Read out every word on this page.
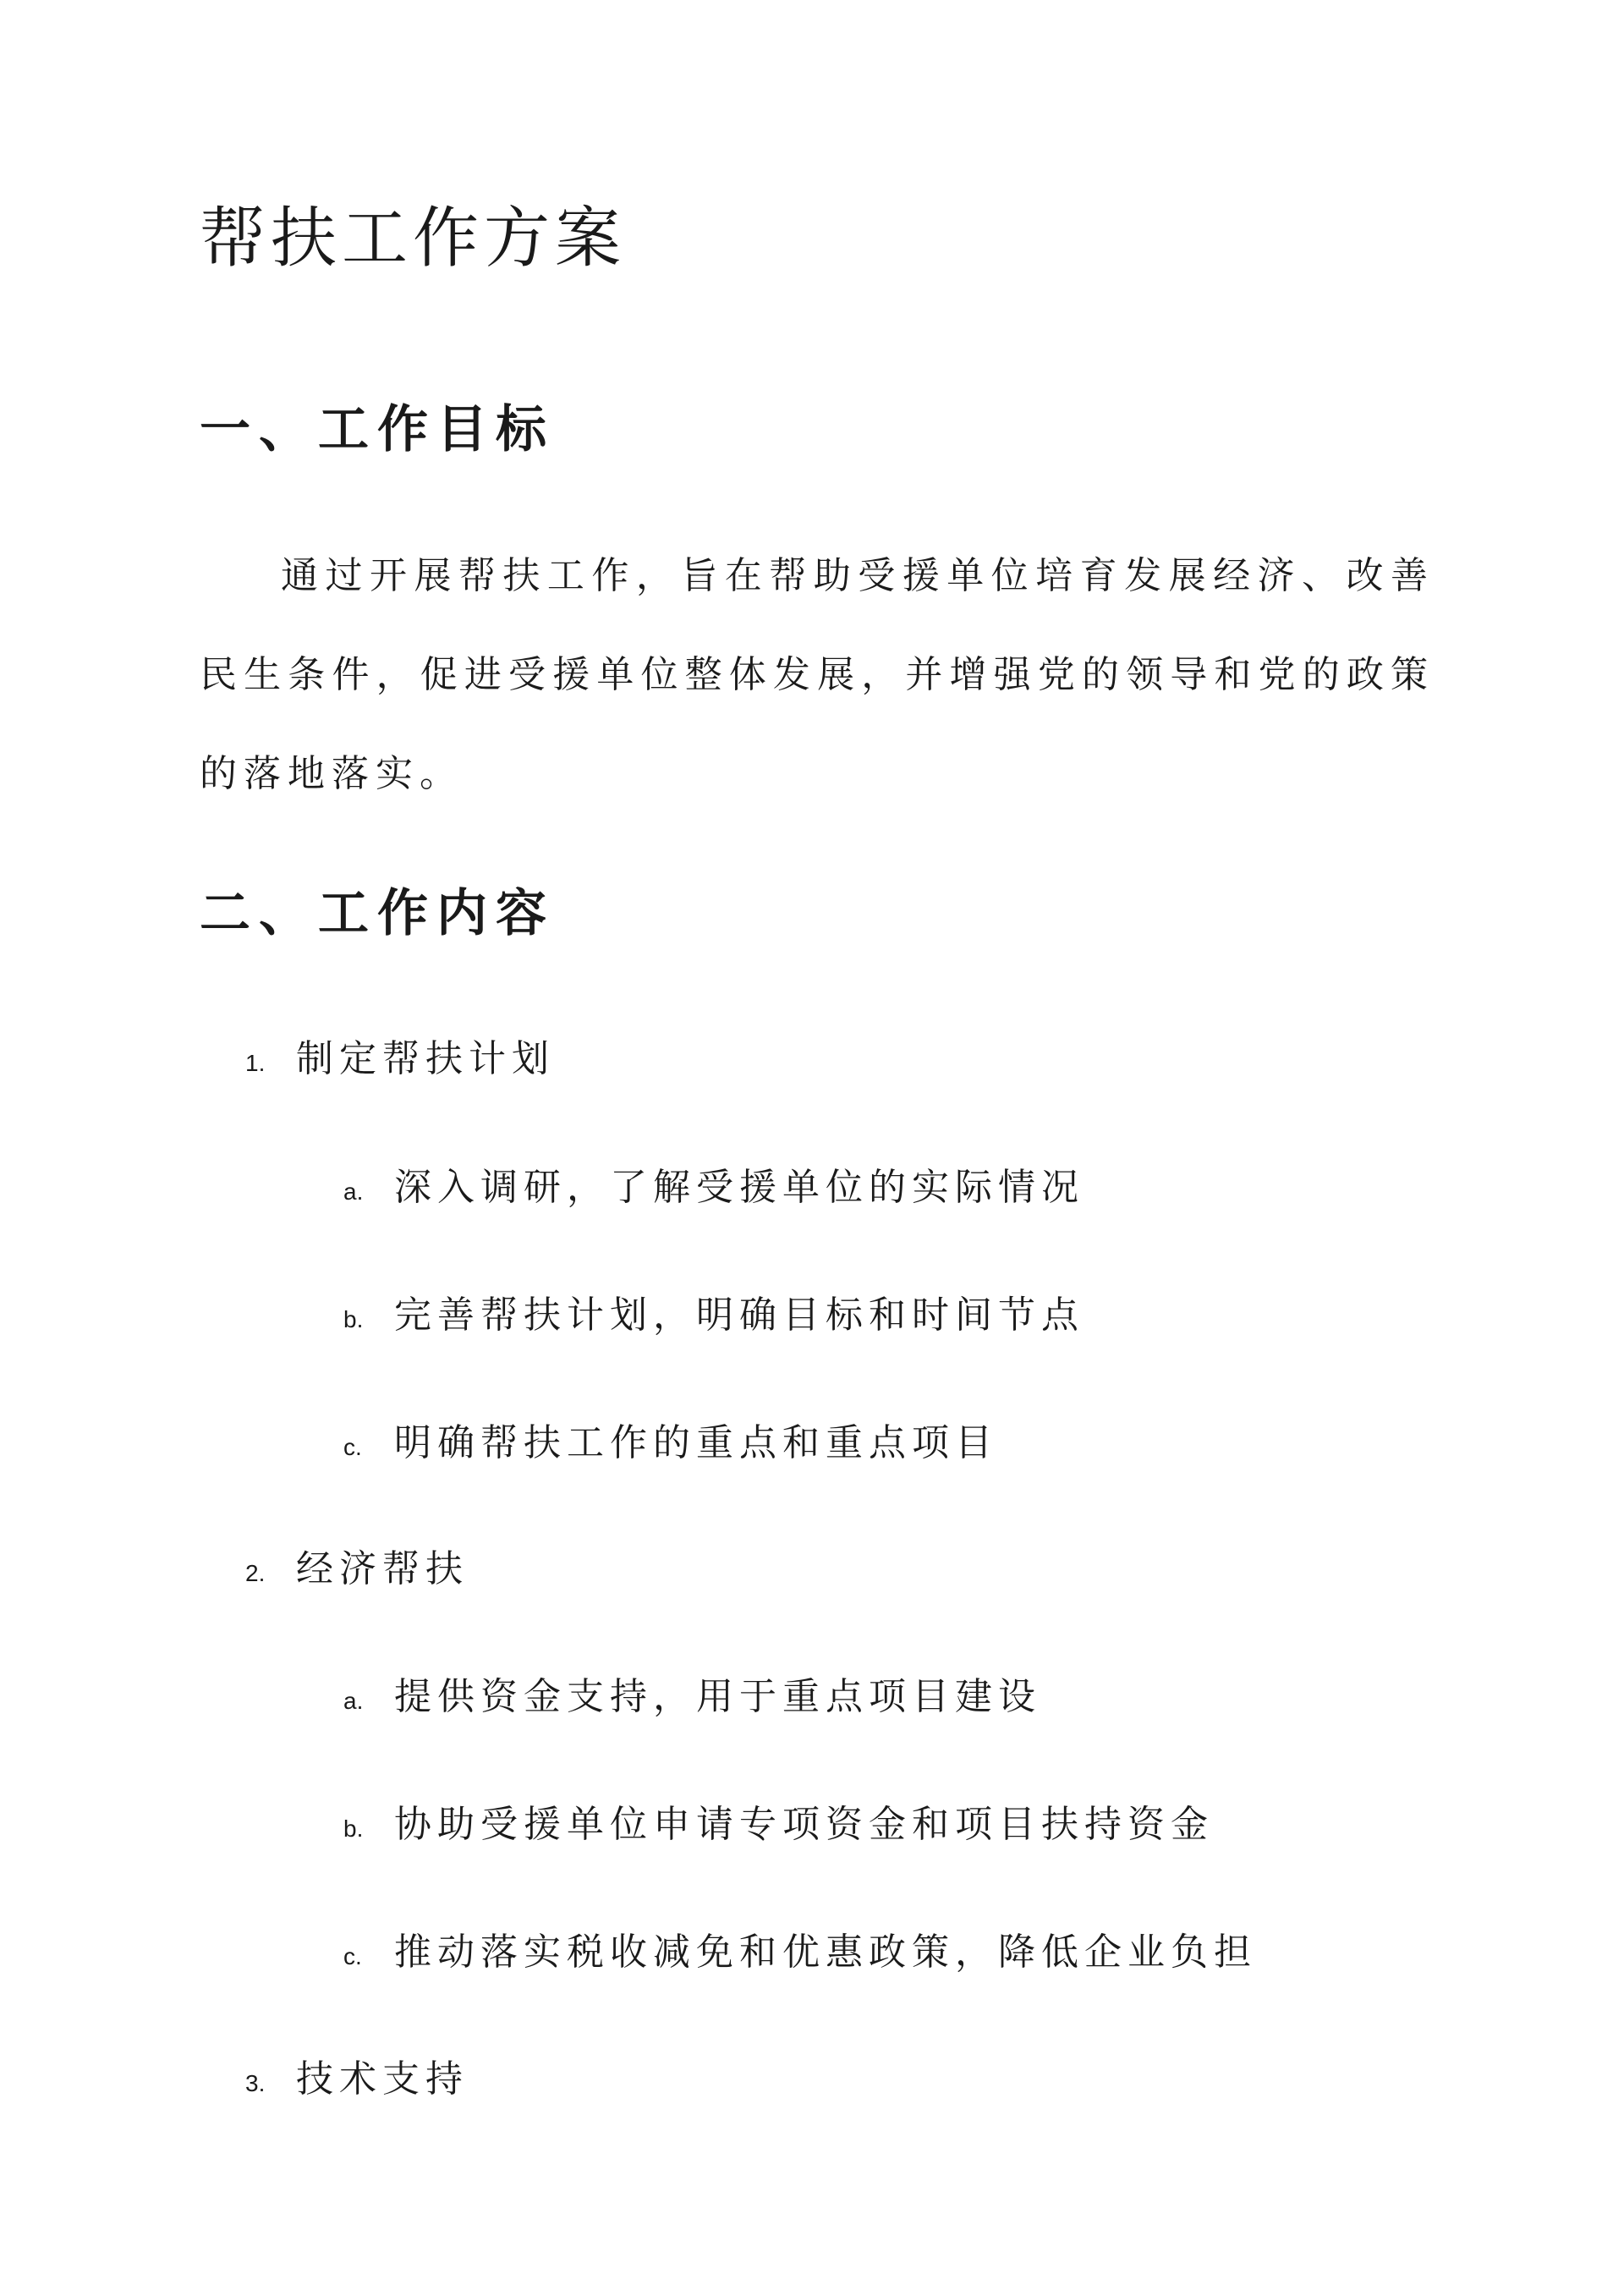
帮扶工作方案
一、工作目标

通过开展帮扶工作，旨在帮助受援单位培育发展经济、改善民生条件，促进受援单位整体发展，并增强党的领导和党的政策的落地落实。

二、工作内容
1. 制定帮扶计划
a. 深入调研，了解受援单位的实际情况
b. 完善帮扶计划，明确目标和时间节点
c. 明确帮扶工作的重点和重点项目
2. 经济帮扶
a. 提供资金支持，用于重点项目建设
b. 协助受援单位申请专项资金和项目扶持资金
c. 推动落实税收减免和优惠政策，降低企业负担
3. 技术支持
